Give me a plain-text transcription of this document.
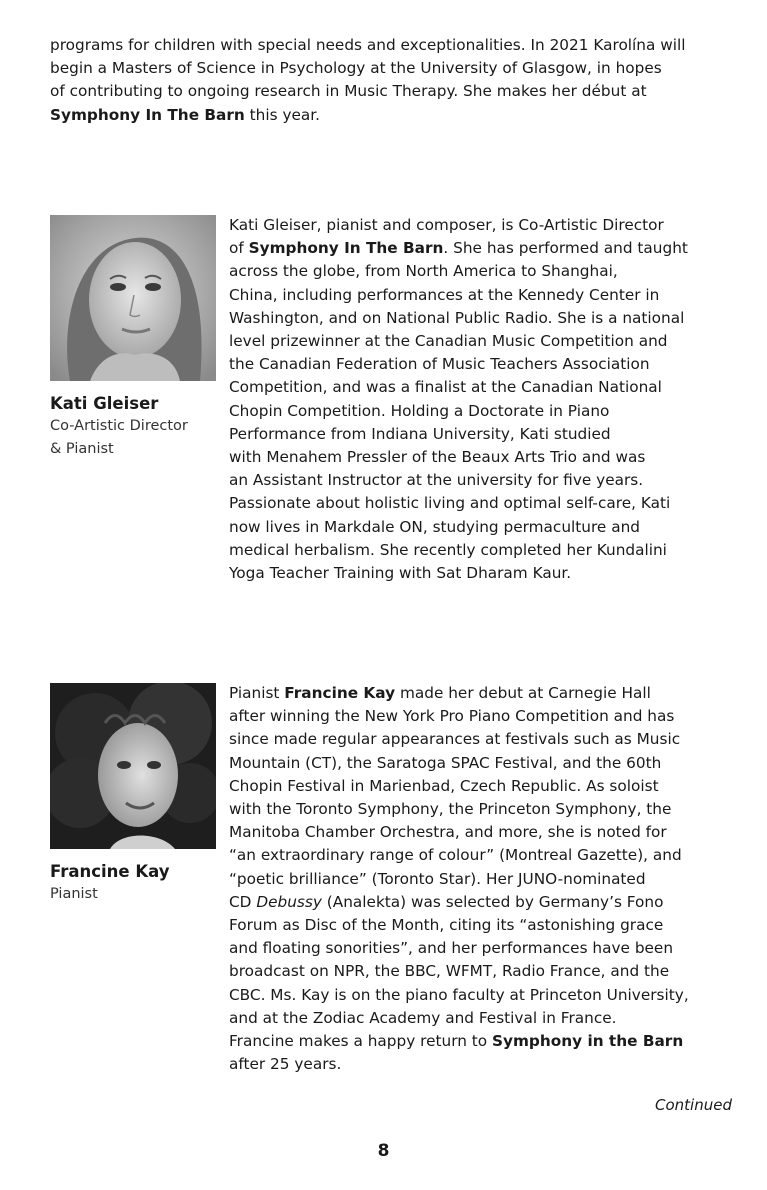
programs for children with special needs and exceptionalities. In 2021 Karolína will
begin a Masters of Science in Psychology at the University of Glasgow, in hopes
of contributing to ongoing research in Music Therapy. She makes her début at
Symphony In The Barn this year.
Kati Gleiser
Co-Artistic Director
& Pianist
Kati Gleiser, pianist and composer, is Co-Artistic Director
of Symphony In The Barn. She has performed and taught
across the globe, from North America to Shanghai,
China, including performances at the Kennedy Center in
Washington, and on National Public Radio. She is a national
level prizewinner at the Canadian Music Competition and
the Canadian Federation of Music Teachers Association
Competition, and was a finalist at the Canadian National
Chopin Competition. Holding a Doctorate in Piano
Performance from Indiana University, Kati studied
with Menahem Pressler of the Beaux Arts Trio and was
an Assistant Instructor at the university for five years.
Passionate about holistic living and optimal self-care, Kati
now lives in Markdale ON, studying permaculture and
medical herbalism. She recently completed her Kundalini
Yoga Teacher Training with Sat Dharam Kaur.
Francine Kay
Pianist
Pianist Francine Kay made her debut at Carnegie Hall
after winning the New York Pro Piano Competition and has
since made regular appearances at festivals such as Music
Mountain (CT), the Saratoga SPAC Festival, and the 60th
Chopin Festival in Marienbad, Czech Republic. As soloist
with the Toronto Symphony, the Princeton Symphony, the
Manitoba Chamber Orchestra, and more, she is noted for
“an extraordinary range of colour” (Montreal Gazette), and
“poetic brilliance” (Toronto Star). Her JUNO-nominated
CD Debussy (Analekta) was selected by Germany’s Fono
Forum as Disc of the Month, citing its “astonishing grace
and floating sonorities”, and her performances have been
broadcast on NPR, the BBC, WFMT, Radio France, and the
CBC. Ms. Kay is on the piano faculty at Princeton University,
and at the Zodiac Academy and Festival in France.
Francine makes a happy return to Symphony in the Barn
after 25 years.
Continued
8
